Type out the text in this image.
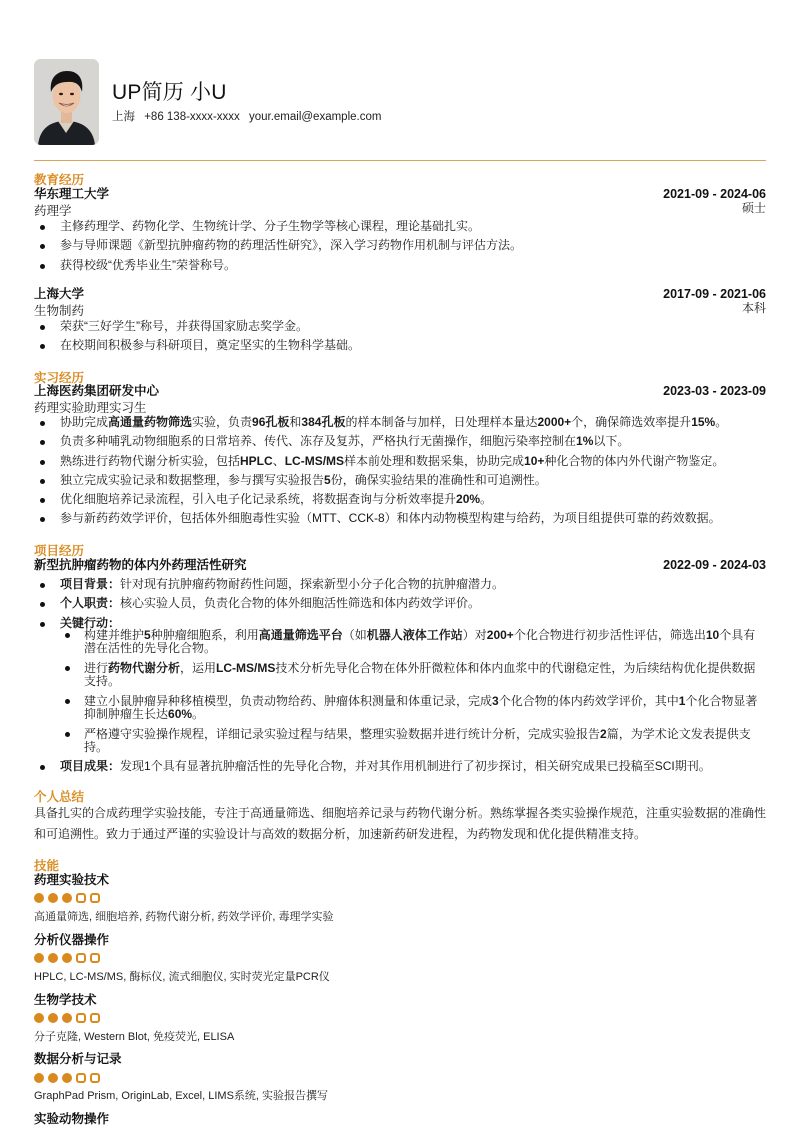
UP简历 小U
上海 +86 138-xxxx-xxxx your.email@example.com
教育经历
华东理工大学	2021-09 - 2024-06
药理学	硕士
主修药理学、药物化学、生物统计学、分子生物学等核心课程，理论基础扎实。
参与导师课题《新型抗肿瘤药物的药理活性研究》，深入学习药物作用机制与评估方法。
获得校级“优秀毕业生”荣誉称号。
上海大学	2017-09 - 2021-06
生物制药	本科
荣获“三好学生”称号，并获得国家励志奖学金。
在校期间积极参与科研项目，奠定坚实的生物科学基础。
实习经历
上海医药集团研发中心	2023-03 - 2023-09
药理实验助理实习生
协助完成高通量药物筛选实验，负责96孔板和384孔板的样本制备与加样，日处理样本量达2000+个，确保筛选效率提升15%。
负责多种哺乳动物细胞系的日常培养、传代、冻存及复苏，严格执行无菌操作，细胞污染率控制在1%以下。
熟练进行药物代谢分析实验，包括HPLC、LC-MS/MS样本前处理和数据采集，协助完成10+种化合物的体内外代谢产物鉴定。
独立完成实验记录和数据整理，参与撰写实验报告5份，确保实验结果的准确性和可追溯性。
优化细胞培养记录流程，引入电子化记录系统，将数据查询与分析效率提升20%。
参与新药药效学评价，包括体外细胞毒性实验（MTT、CCK-8）和体内动物模型构建与给药，为项目组提供可靠的药效数据。
项目经历
新型抗肿瘤药物的体内外药理活性研究	2022-09 - 2024-03
项目背景：针对现有抗肿瘤药物耐药性问题，探索新型小分子化合物的抗肿瘤潜力。
个人职责：核心实验人员，负责化合物的体外细胞活性筛选和体内药效学评价。
关键行动：
构建并维护5种肿瘤细胞系，利用高通量筛选平台（如机器人液体工作站）对200+个化合物进行初步活性评估，筛选出10个具有潜在活性的先导化合物。
进行药物代谢分析，运用LC-MS/MS技术分析先导化合物在体外肝微粒体和体内血浆中的代谢稳定性，为后续结构优化提供数据支持。
建立小鼠肿瘤异种移植模型，负责动物给药、肿瘤体积测量和体重记录，完成3个化合物的体内药效学评价，其中1个化合物显著抑制肿瘤生长达60%。
严格遵守实验操作规程，详细记录实验过程与结果，整理实验数据并进行统计分析，完成实验报告2篇，为学术论文发表提供支持。
项目成果：发现1个具有显著抗肿瘤活性的先导化合物，并对其作用机制进行了初步探讨，相关研究成果已投稿至SCI期刊。
个人总结
具备扎实的合成药理学实验技能，专注于高通量筛选、细胞培养记录与药物代谢分析。熟练掌握各类实验操作规范，注重实验数据的准确性和可追溯性。致力于通过严谨的实验设计与高效的数据分析，加速新药研发进程，为药物发现和优化提供精准支持。
技能
药理实验技术
高通量筛选, 细胞培养, 药物代谢分析, 药效学评价, 毒理学实验
分析仪器操作
HPLC, LC-MS/MS, 酶标仪, 流式细胞仪, 实时荧光定量PCR仪
生物学技术
分子克隆, Western Blot, 免疫荧光, ELISA
数据分析与记录
GraphPad Prism, OriginLab, Excel, LIMS系统, 实验报告撰写
实验动物操作
